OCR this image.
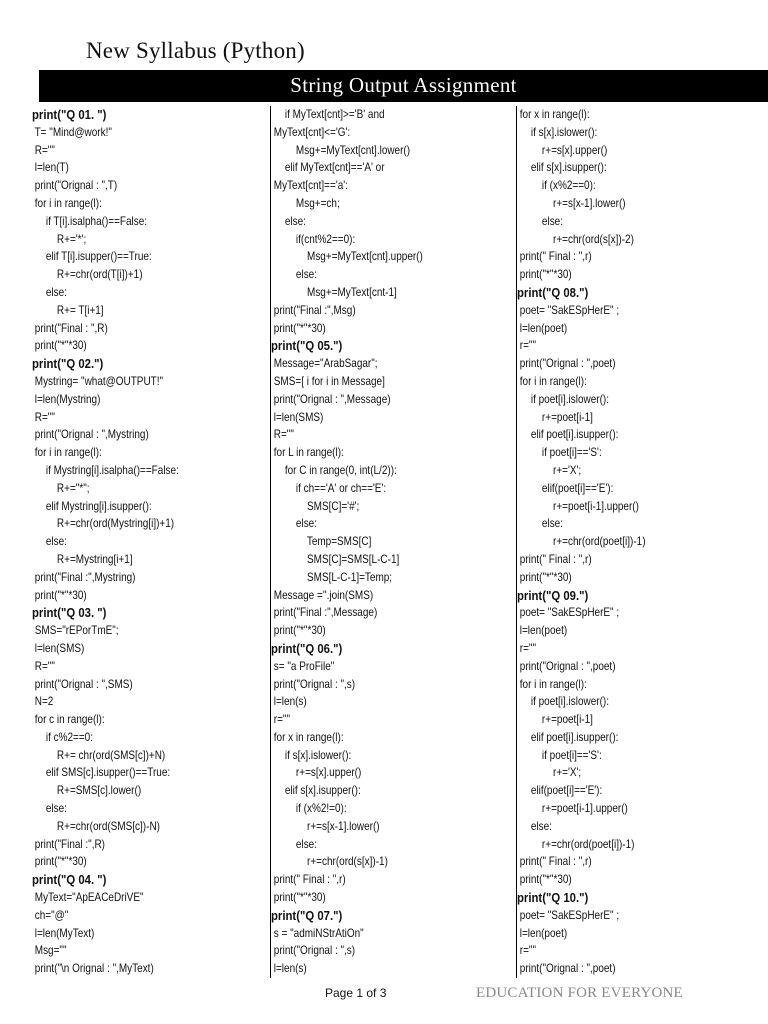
New Syllabus (Python)
String Output Assignment
print("Q 01. ")
T= "Mind@work!"
R=""
l=len(T)
print("Orignal : ",T)
for i in range(l):
if T[i].isalpha()==False:
R+='*';
elif T[i].isupper()==True:
R+=chr(ord(T[i])+1)
else:
R+= T[i+1]
print("Final : ",R)
print("*"*30)
print("Q 02.")
Mystring= "what@OUTPUT!"
l=len(Mystring)
R=""
print("Orignal : ",Mystring)
for i in range(l):
if Mystring[i].isalpha()==False:
R+="*";
elif Mystring[i].isupper():
R+=chr(ord(Mystring[i])+1)
else:
R+=Mystring[i+1]
print("Final :",Mystring)
print("*"*30)
print("Q 03. ")
SMS="rEPorTmE";
l=len(SMS)
R=""
print("Orignal : ",SMS)
N=2
for c in range(l):
if c%2==0:
R+= chr(ord(SMS[c])+N)
elif SMS[c].isupper()==True:
R+=SMS[c].lower()
else:
R+=chr(ord(SMS[c])-N)
print("Final :",R)
print("*"*30)
print("Q 04. ")
MyText="ApEACeDriVE"
ch="@"
l=len(MyText)
Msg=""
print("\n Orignal : ",MyText)
if MyText[cnt]>='B' and
MyText[cnt]<='G':
Msg+=MyText[cnt].lower()
elif MyText[cnt]=='A' or
MyText[cnt]=='a':
Msg+=ch;
else:
if(cnt%2==0):
Msg+=MyText[cnt].upper()
else:
Msg+=MyText[cnt-1]
print("Final :",Msg)
print("*"*30)
print("Q 05.")
Message="ArabSagar";
SMS=[ i for i in Message]
print("Orignal : ",Message)
l=len(SMS)
R=""
for L in range(l):
for C in range(0, int(L/2)):
if ch=='A' or ch=='E':
SMS[C]='#';
else:
Temp=SMS[C]
SMS[C]=SMS[L-C-1]
SMS[L-C-1]=Temp;
Message =''.join(SMS)
print("Final :",Message)
print("*"*30)
print("Q 06.")
s= "a ProFile"
print("Orignal : ",s)
l=len(s)
r=""
for x in range(l):
if s[x].islower():
r+=s[x].upper()
elif s[x].isupper():
if (x%2!=0):
r+=s[x-1].lower()
else:
r+=chr(ord(s[x])-1)
print(" Final : ",r)
print("*"*30)
print("Q 07.")
s = "admiNStrAtiOn"
print("Orignal : ",s)
l=len(s)
for x in range(l):
if s[x].islower():
r+=s[x].upper()
elif s[x].isupper():
if (x%2==0):
r+=s[x-1].lower()
else:
r+=chr(ord(s[x])-2)
print(" Final : ",r)
print("*"*30)
print("Q 08.")
poet= "SakESpHerE" ;
l=len(poet)
r=""
print("Orignal : ",poet)
for i in range(l):
if poet[i].islower():
r+=poet[i-1]
elif poet[i].isupper():
if poet[i]=='S':
r+='X';
elif(poet[i]=='E'):
r+=poet[i-1].upper()
else:
r+=chr(ord(poet[i])-1)
print(" Final : ",r)
print("*"*30)
print("Q 09.")
poet= "SakESpHerE" ;
l=len(poet)
r=""
print("Orignal : ",poet)
for i in range(l):
if poet[i].islower():
r+=poet[i-1]
elif poet[i].isupper():
if poet[i]=='S':
r+='X';
elif(poet[i]=='E'):
r+=poet[i-1].upper()
else:
r+=chr(ord(poet[i])-1)
print(" Final : ",r)
print("*"*30)
print("Q 10.")
poet= "SakESpHerE" ;
l=len(poet)
r=""
print("Orignal : ",poet)
Page 1 of 3	EDUCATION FOR EVERYONE
